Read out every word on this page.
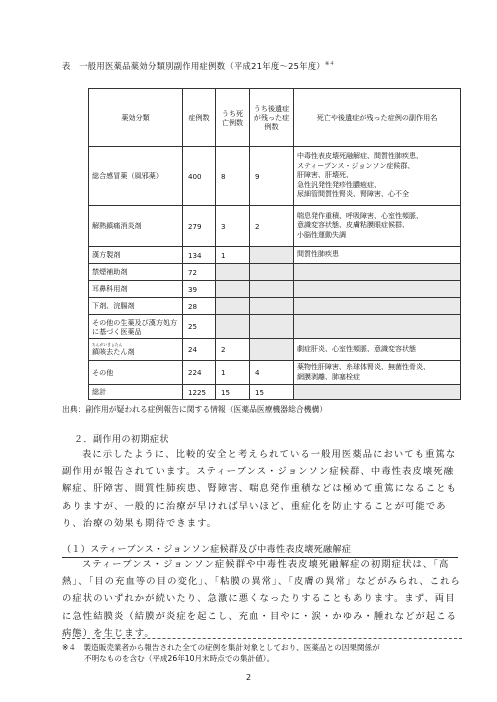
表　一般用医薬品薬効分類別副作用症例数（平成21年度～25年度）$^{※4}$
薬効分類	症例数	うち死亡例数	うち後遺症が残った症例数	死亡や後遺症が残った症例の副作用名
総合感冒薬（風邪薬）	400	8	9	中毒性表皮壊死融解症、間質性肺疾患、
スティーブンス・ジョンソン症候群、
肝障害、肝壊死、
急性汎発性発疹性膿疱症、
尿細管間質性腎炎、腎障害、心不全

解熱鎮痛消炎剤	279	3	2	喘息発作重積、呼吸障害、心室性頻脈、
意識変容状態、皮膚粘膜眼症候群、
小脳性運動失調

漢方製剤	134	1		間質性肺疾患

禁煙補助剤	72			
耳鼻科用剤	39			
下剤、浣腸剤	28			
その他の生薬及び漢方処方に基づく医薬品	25			

ちんがいきょたん
鎮咳去たん剤	24	2		劇症肝炎、心室性頻脈、意識変容状態

その他	224	1	4	薬物性肝障害、糸球体腎炎、無菌性骨炎、
網膜剥離、肺塞栓症

総計	1225	15	15	
出典：副作用が疑われる症例報告に関する情報（医薬品医療機器総合機構）
２．副作用の初期症状
表に示したように、比較的安全と考えられている一般用医薬品においても重篤な副作用が報告されています。スティーブンス・ジョンソン症候群、中毒性表皮壊死融解症、肝障害、間質性肺疾患、腎障害、喘息発作重積などは極めて重篤になることもありますが、一般的に治療が早ければ早いほど、重症化を防止することが可能であり、治療の効果も期待できます。
（１）スティーブンス・ジョンソン症候群及び中毒性表皮壊死融解症
スティーブンス・ジョンソン症候群や中毒性表皮壊死融解症の初期症状は、「高熱」、「目の充血等の目の変化」、「粘膜の異常」、「皮膚の異常」などがみられ、これらの症状のいずれかが続いたり、急激に悪くなったりすることもあります。まず、両目に急性結膜炎（結膜が炎症を起こし、充血・目やに・涙・かゆみ・腫れなどが起こる病態）を生じます。
※４　製造販売業者から報告された全ての症例を集計対象としており、医薬品との因果関係が
不明なものを含む（平成26年10月末時点での集計値）。
2
